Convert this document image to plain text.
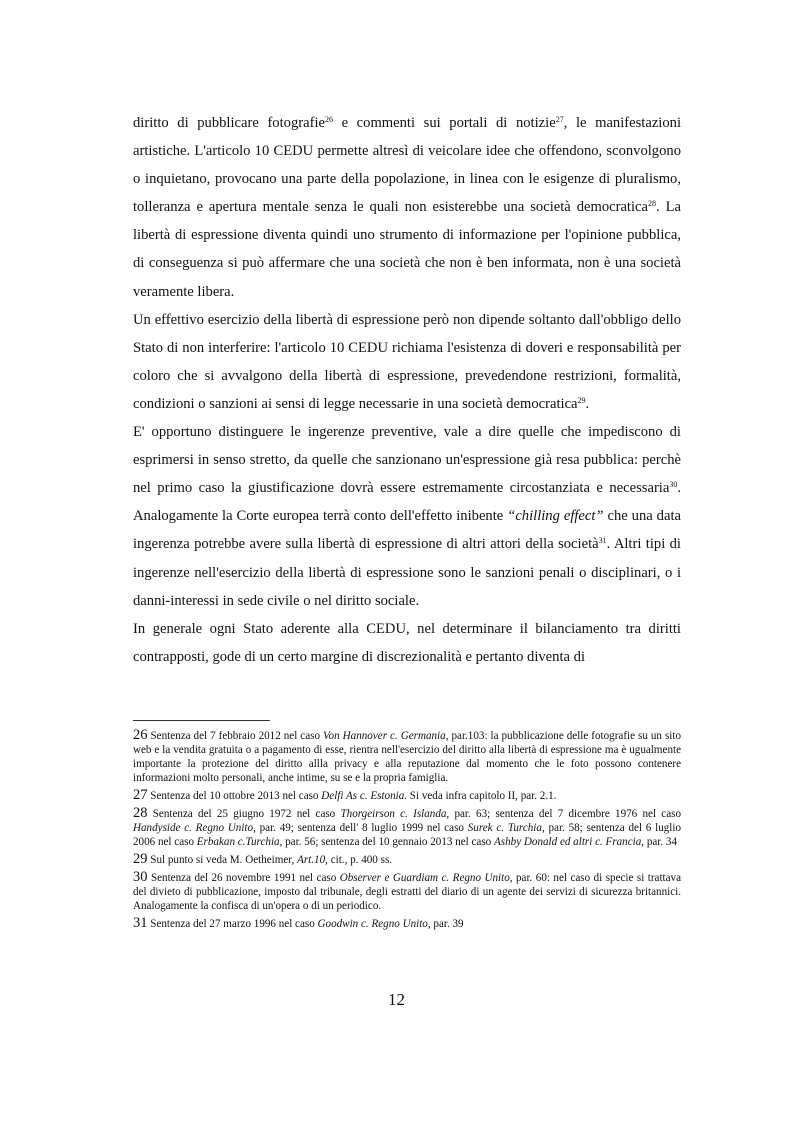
diritto di pubblicare fotografie$^{26}$ e commenti sui portali di notizie$^{27}$, le manifestazioni artistiche. L'articolo 10 CEDU permette altresì di veicolare idee che offendono, sconvolgono o inquietano, provocano una parte della popolazione, in linea con le esigenze di pluralismo, tolleranza e apertura mentale senza le quali non esisterebbe una società democratica$^{28}$. La libertà di espressione diventa quindi uno strumento di informazione per l'opinione pubblica, di conseguenza si può affermare che una società che non è ben informata, non è una società veramente libera.

Un effettivo esercizio della libertà di espressione però non dipende soltanto dall'obbligo dello Stato di non interferire: l'articolo 10 CEDU richiama l'esistenza di doveri e responsabilità per coloro che si avvalgono della libertà di espressione, prevedendone restrizioni, formalità, condizioni o sanzioni ai sensi di legge necessarie in una società democratica$^{29}$.

E' opportuno distinguere le ingerenze preventive, vale a dire quelle che impediscono di esprimersi in senso stretto, da quelle che sanzionano un'espressione già resa pubblica: perchè nel primo caso la giustificazione dovrà essere estremamente circostanziata e necessaria$^{30}$. Analogamente la Corte europea terrà conto dell'effetto inibente “chilling effect” che una data ingerenza potrebbe avere sulla libertà di espressione di altri attori della società$^{31}$. Altri tipi di ingerenze nell'esercizio della libertà di espressione sono le sanzioni penali o disciplinari, o i danni-interessi in sede civile o nel diritto sociale.

In generale ogni Stato aderente alla CEDU, nel determinare il bilanciamento tra diritti contrapposti, gode di un certo margine di discrezionalità e pertanto diventa di

26 Sentenza del 7 febbraio 2012 nel caso Von Hannover c. Germania, par.103: la pubblicazione delle fotografie su un sito web e la vendita gratuita o a pagamento di esse, rientra nell'esercizio del diritto alla libertà di espressione ma è ugualmente importante la protezione del diritto allla privacy e alla reputazione dal momento che le foto possono contenere informazioni molto personali, anche intime, su se e la propria famiglia.

27 Sentenza del 10 ottobre 2013 nel caso Delfi As c. Estonia. Si veda infra capitolo II, par. 2.1.

28 Sentenza del 25 giugno 1972 nel caso Thorgeirson c. Islanda, par. 63; sentenza del 7 dicembre 1976 nel caso Handyside c. Regno Unito, par. 49; sentenza dell' 8 luglio 1999 nel caso Surek c. Turchia, par. 58; sentenza del 6 luglio 2006 nel caso Erbakan c.Turchia, par. 56; sentenza del 10 gennaio 2013 nel caso Ashby Donald ed altri c. Francia, par. 34

29 Sul punto si veda M. Oetheimer, Art.10, cit., p. 400 ss.

30 Sentenza del 26 novembre 1991 nel caso Observer e Guardiam c. Regno Unito, par. 60: nel caso di specie si trattava del divieto di pubblicazione, imposto dal tribunale, degli estratti del diario di un agente dei servizi di sicurezza britannici. Analogamente la confisca di un'opera o di un periodico.

31 Sentenza del 27 marzo 1996 nel caso Goodwin c. Regno Unito, par. 39

12
